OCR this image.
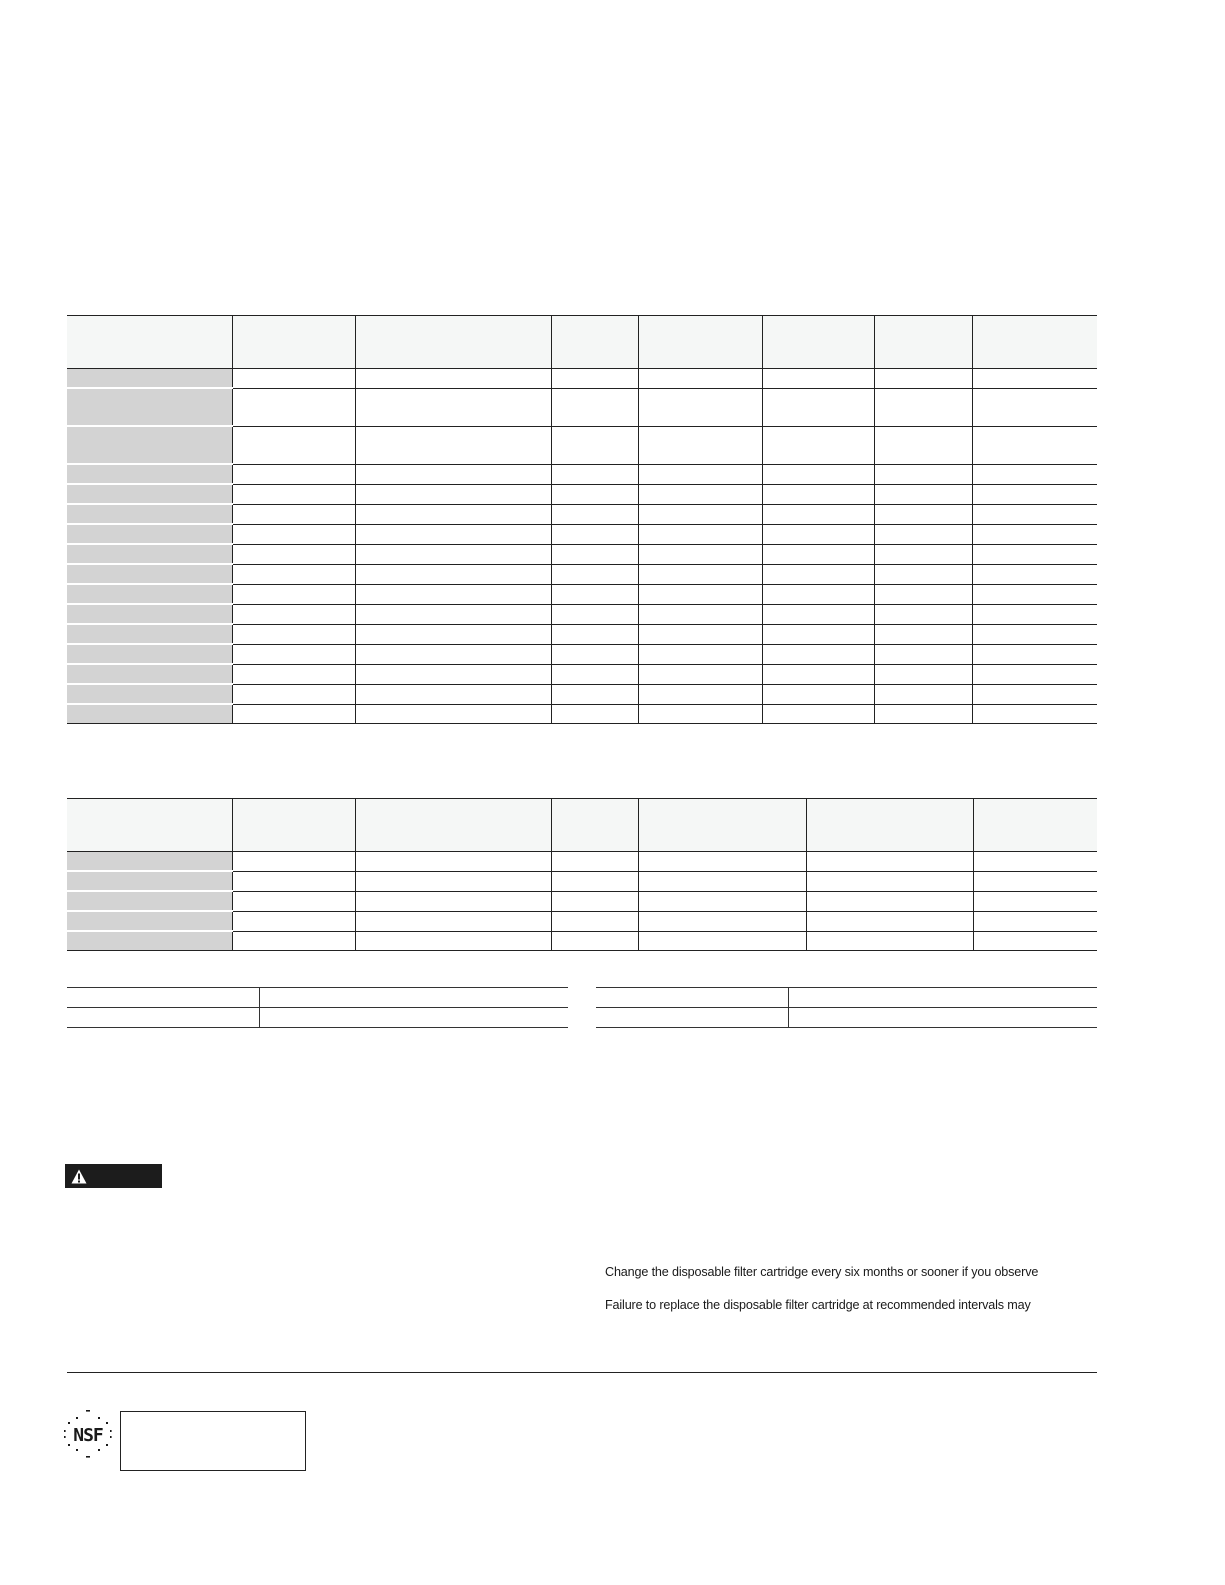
Change the disposable filter cartridge every six months or sooner if you observe

Failure to replace the disposable filter cartridge at recommended intervals may

NSF
